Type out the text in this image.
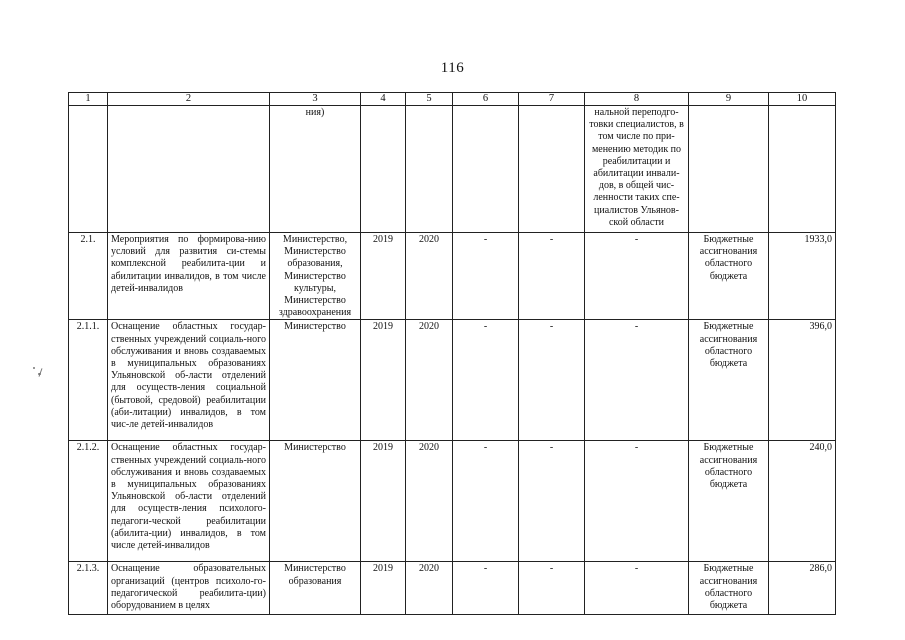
116
1	2	3	4	5	6	7	8	9	10
		ния)					нальной переподго-товки специалистов, в том числе по при-менению методик по реабилитации и абилитации инвали-дов, в общей чис-ленности таких спе-циалистов Ульянов-ской области		
2.1.	Мероприятия по формирова-нию условий для развития си-стемы комплексной реабилита-ции и абилитации инвалидов, в том числе детей-инвалидов	Министерство, Министерство образования, Министерство культуры, Министерство здравоохранения	2019	2020	-	-	-	Бюджетные ассигнования областного бюджета	1933,0
2.1.1.	Оснащение областных государ-ственных учреждений социаль-ного обслуживания и вновь создаваемых в муниципальных образованиях Ульяновской об-ласти отделений для осуществ-ления социальной (бытовой, средовой) реабилитации (аби-литации) инвалидов, в том чис-ле детей-инвалидов	Министерство	2019	2020	-	-	-	Бюджетные ассигнования областного бюджета	396,0
2.1.2.	Оснащение областных государ-ственных учреждений социаль-ного обслуживания и вновь создаваемых в муниципальных образованиях Ульяновской об-ласти отделений для осуществ-ления психолого-педагоги-ческой реабилитации (абилита-ции) инвалидов, в том числе детей-инвалидов	Министерство	2019	2020	-	-	-	Бюджетные ассигнования областного бюджета	240,0
2.1.3.	Оснащение образовательных организаций (центров психоло-го-педагогической реабилита-ции) оборудованием в целях	Министерство образования	2019	2020	-	-	-	Бюджетные ассигнования областного бюджета	286,0
